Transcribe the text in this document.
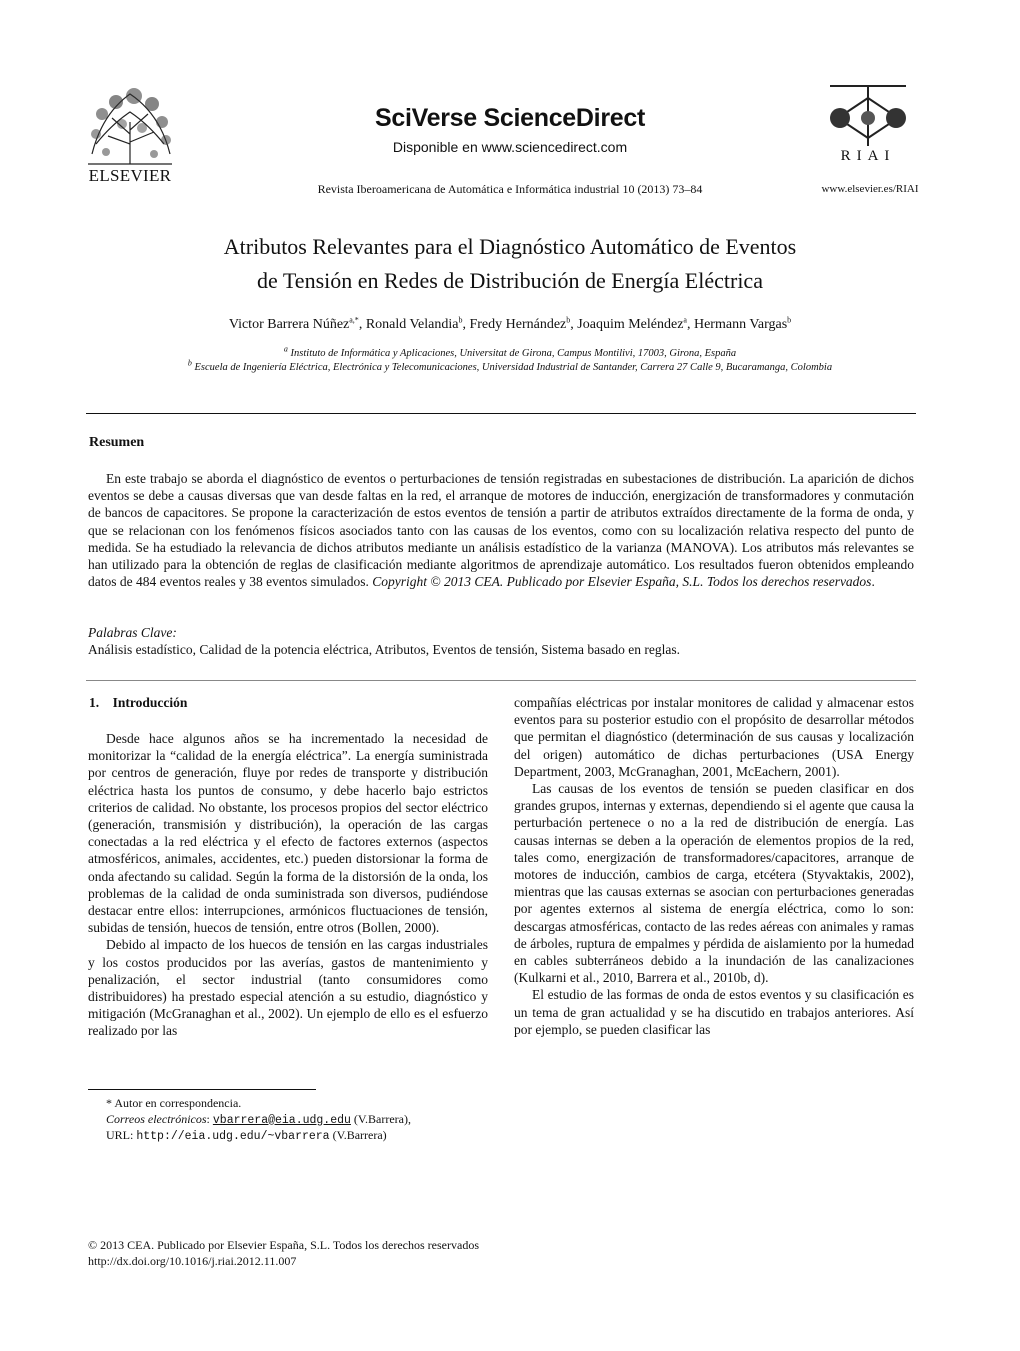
ELSEVIER
SciVerse ScienceDirect
Disponible en www.sciencedirect.com
Revista Iberoamericana de Automática e Informática industrial 10 (2013) 73–84
RIAI
www.elsevier.es/RIAI
Atributos Relevantes para el Diagnóstico Automático de Eventos
de Tensión en Redes de Distribución de Energía Eléctrica
Victor Barrera Núñez$^{a,*}$, Ronald Velandia$^b$, Fredy Hernández$^b$, Joaquim Meléndez$^a$, Hermann Vargas$^b$
$^a$ Instituto de Informática y Aplicaciones, Universitat de Girona, Campus Montilivi, 17003, Girona, España
$^b$ Escuela de Ingeniería Eléctrica, Electrónica y Telecomunicaciones, Universidad Industrial de Santander, Carrera 27 Calle 9, Bucaramanga, Colombia
Resumen
En este trabajo se aborda el diagnóstico de eventos o perturbaciones de tensión registradas en subestaciones de distribución. La aparición de dichos eventos se debe a causas diversas que van desde faltas en la red, el arranque de motores de inducción, energización de transformadores y conmutación de bancos de capacitores. Se propone la caracterización de estos eventos de tensión a partir de atributos extraídos directamente de la forma de onda, y que se relacionan con los fenómenos físicos asociados tanto con las causas de los eventos, como con su localización relativa respecto del punto de medida. Se ha estudiado la relevancia de dichos atributos mediante un análisis estadístico de la varianza (MANOVA). Los atributos más relevantes se han utilizado para la obtención de reglas de clasificación mediante algoritmos de aprendizaje automático. Los resultados fueron obtenidos empleando datos de 484 eventos reales y 38 eventos simulados. Copyright © 2013 CEA. Publicado por Elsevier España, S.L. Todos los derechos reservados.
Palabras Clave:
Análisis estadístico, Calidad de la potencia eléctrica, Atributos, Eventos de tensión, Sistema basado en reglas.
1.    Introducción

Desde hace algunos años se ha incrementado la necesidad de monitorizar la “calidad de la energía eléctrica”. La energía suministrada por centros de generación, fluye por redes de transporte y distribución eléctrica hasta los puntos de consumo, y debe hacerlo bajo estrictos criterios de calidad. No obstante, los procesos propios del sector eléctrico (generación, transmisión y distribución), la operación de las cargas conectadas a la red eléctrica y el efecto de factores externos (aspectos atmosféricos, animales, accidentes, etc.) pueden distorsionar la forma de onda afectando su calidad. Según la forma de la distorsión de la onda, los problemas de la calidad de onda suministrada son diversos, pudiéndose destacar entre ellos: interrupciones, armónicos fluctuaciones de tensión, subidas de tensión, huecos de tensión, entre otros (Bollen, 2000).

Debido al impacto de los huecos de tensión en las cargas industriales y los costos producidos por las averías, gastos de mantenimiento y penalización, el sector industrial (tanto consumidores como distribuidores) ha prestado especial atención a su estudio, diagnóstico y mitigación (McGranaghan et al., 2002). Un ejemplo de ello es el esfuerzo realizado por las

compañías eléctricas por instalar monitores de calidad y almacenar estos eventos para su posterior estudio con el propósito de desarrollar métodos que permitan el diagnóstico (determinación de sus causas y localización del origen) automático de dichas perturbaciones (USA Energy Department, 2003, McGranaghan, 2001, McEachern, 2001).

Las causas de los eventos de tensión se pueden clasificar en dos grandes grupos, internas y externas, dependiendo si el agente que causa la perturbación pertenece o no a la red de distribución de energía. Las causas internas se deben a la operación de elementos propios de la red, tales como, energización de transformadores/capacitores, arranque de motores de inducción, cambios de carga, etcétera (Styvaktakis, 2002), mientras que las causas externas se asocian con perturbaciones generadas por agentes externos al sistema de energía eléctrica, como lo son: descargas atmosféricas, contacto de las redes aéreas con animales y ramas de árboles, ruptura de empalmes y pérdida de aislamiento por la humedad en cables subterráneos debido a la inundación de las canalizaciones (Kulkarni et al., 2010, Barrera et al., 2010b, d).

El estudio de las formas de onda de estos eventos y su clasificación es un tema de gran actualidad y se ha discutido en trabajos anteriores. Así por ejemplo, se pueden clasificar las

* Autor en correspondencia.
Correos electrónicos: vbarrera@eia.udg.edu (V.Barrera),
URL: http://eia.udg.edu/~vbarrera (V.Barrera)
© 2013 CEA. Publicado por Elsevier España, S.L. Todos los derechos reservados
http://dx.doi.org/10.1016/j.riai.2012.11.007
